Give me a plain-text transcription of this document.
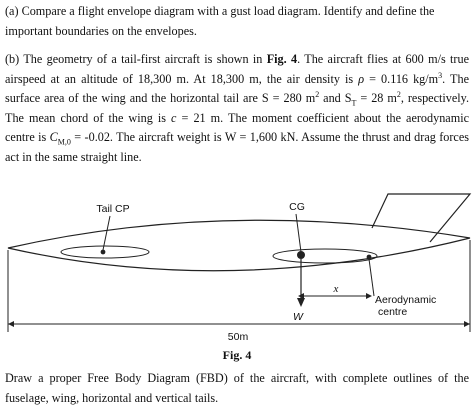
(a) Compare a flight envelope diagram with a gust load diagram. Identify and define the
important boundaries on the envelopes.
(b) The geometry of a tail-first aircraft is shown in Fig. 4. The aircraft flies at 600 m/s true airspeed at an altitude of 18,300 m. At 18,300 m, the air density is ρ = 0.116 $kg/m^3$. The surface area of the wing and the horizontal tail are S = 280 $m^2$ and $S_T = 28$ $m^2$, respectively. The mean chord of the wing is c = 21 m. The moment coefficient about the aerodynamic centre is $C_{M,0} = -0.02$. The aircraft weight is W = 1,600 kN. Assume the thrust and drag forces act in the same straight line.
Tail CP	CG
Aerodynamic
centre
W
x
50m
Fig. 4
Draw a proper Free Body Diagram (FBD) of the aircraft, with complete outlines of the fuselage, wing, horizontal and vertical tails.
